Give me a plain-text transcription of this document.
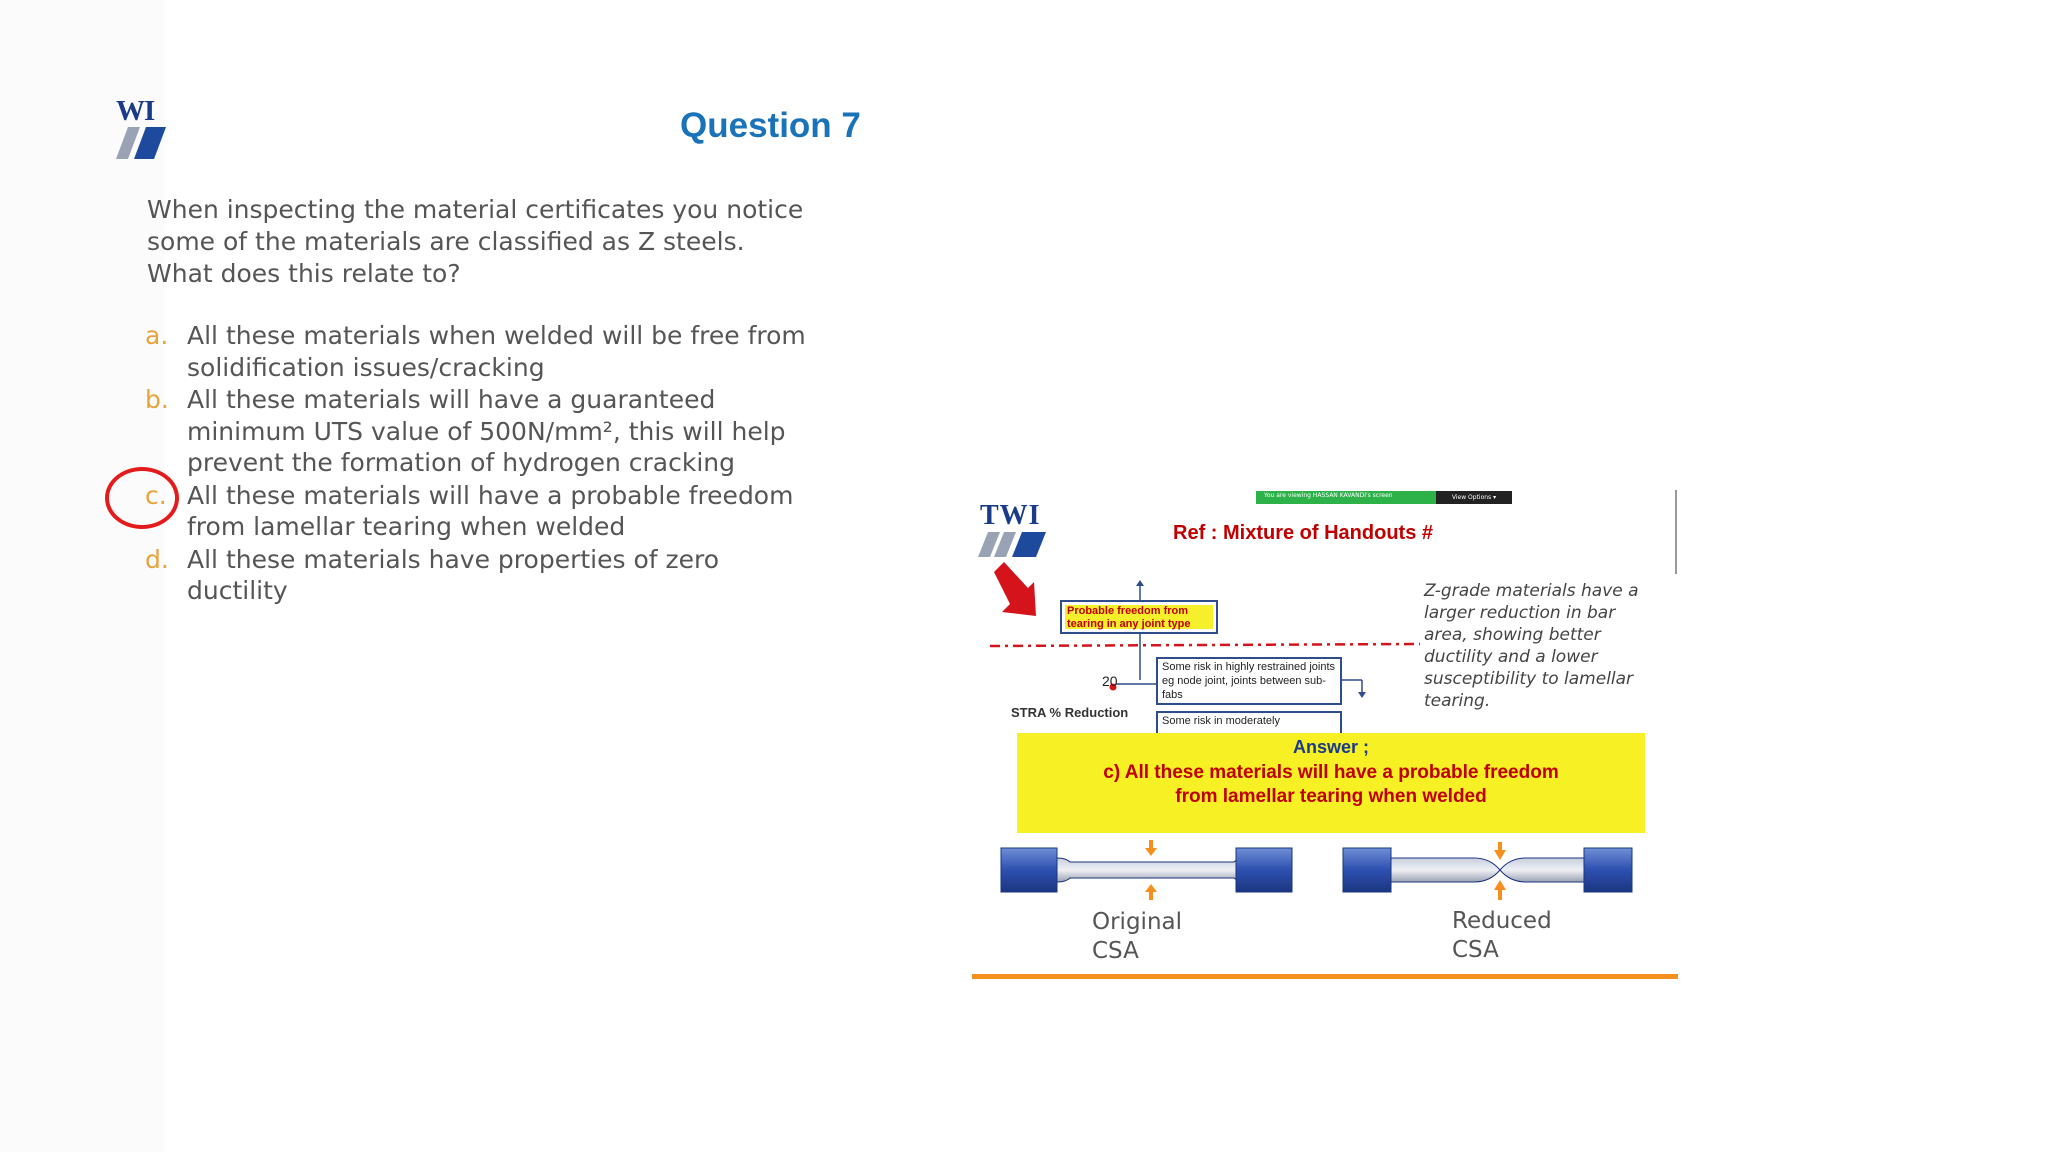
WI	Question 7
When inspecting the material certificates you notice
some of the materials are classified as Z steels.
What does this relate to?
a. All these materials when welded will be free from
solidification issues/cracking
b. All these materials will have a guaranteed
minimum UTS value of 500N/mm², this will help
prevent the formation of hydrogen cracking
c. All these materials will have a probable freedom
from lamellar tearing when welded
d. All these materials have properties of zero
ductility
You are viewing HASSAN KAVANDI's screen	View Options ▾
TWI
Ref : Mixture of Handouts #
Probable freedom from tearing in any joint type
Some risk in highly restrained joints eg node joint, joints between sub-fabs
Some risk in moderately
20
STRA % Reduction
Z-grade materials have a larger reduction in bar area, showing better ductility and a lower susceptibility to lamellar tearing.
Answer ;
c) All these materials will have a probable freedom
from lamellar tearing when welded
Original
CSA
Reduced
CSA
